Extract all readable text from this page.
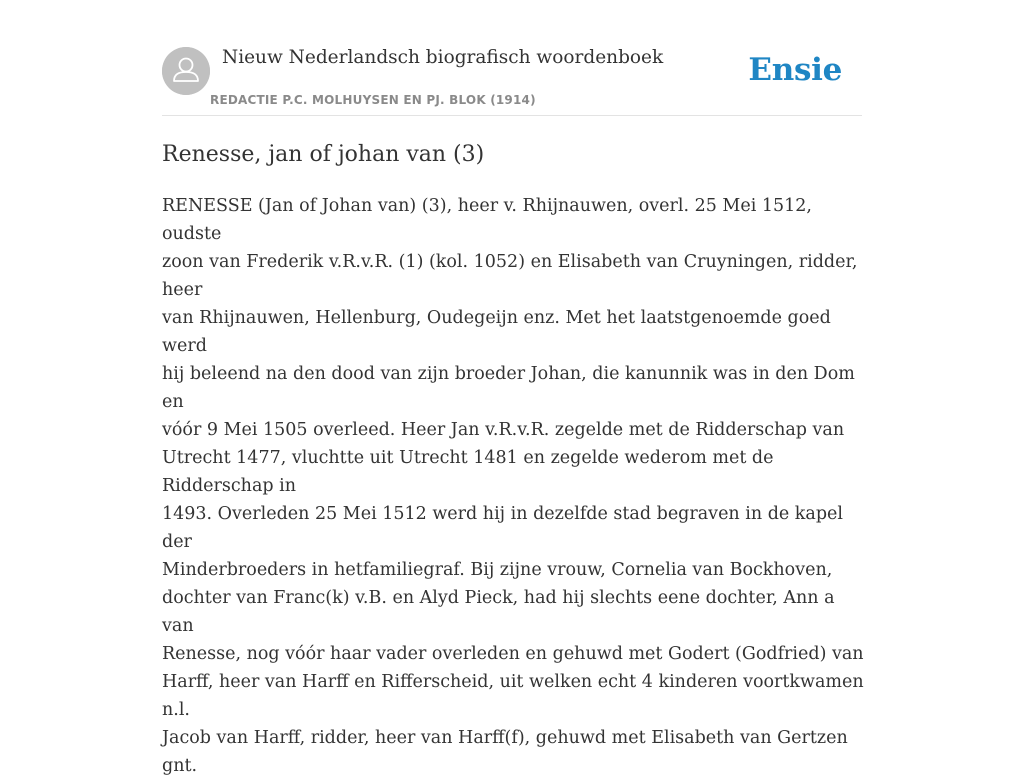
Nieuw Nederlandsch biografisch woordenboek
REDACTIE P.C. MOLHUYSEN EN PJ. BLOK (1914)
Ensie
Renesse, jan of johan van (3)
RENESSE (Jan of Johan van) (3), heer v. Rhijnauwen, overl. 25 Mei 1512, oudste
zoon van Frederik v.R.v.R. (1) (kol. 1052) en Elisabeth van Cruyningen, ridder, heer
van Rhijnauwen, Hellenburg, Oudegeijn enz. Met het laatstgenoemde goed werd
hij beleend na den dood van zijn broeder Johan, die kanunnik was in den Dom en
vóór 9 Mei 1505 overleed. Heer Jan v.R.v.R. zegelde met de Ridderschap van
Utrecht 1477, vluchtte uit Utrecht 1481 en zegelde wederom met de Ridderschap in
1493. Overleden 25 Mei 1512 werd hij in dezelfde stad begraven in de kapel der
Minderbroeders in hetfamiliegraf. Bij zijne vrouw, Cornelia van Bockhoven,
dochter van Franc(k) v.B. en Alyd Pieck, had hij slechts eene dochter, Ann a van
Renesse, nog vóór haar vader overleden en gehuwd met Godert (Godfried) van
Harff, heer van Harff en Rifferscheid, uit welken echt 4 kinderen voortkwamen n.l.
Jacob van Harff, ridder, heer van Harff(f), gehuwd met Elisabeth van Gertzen gnt.
